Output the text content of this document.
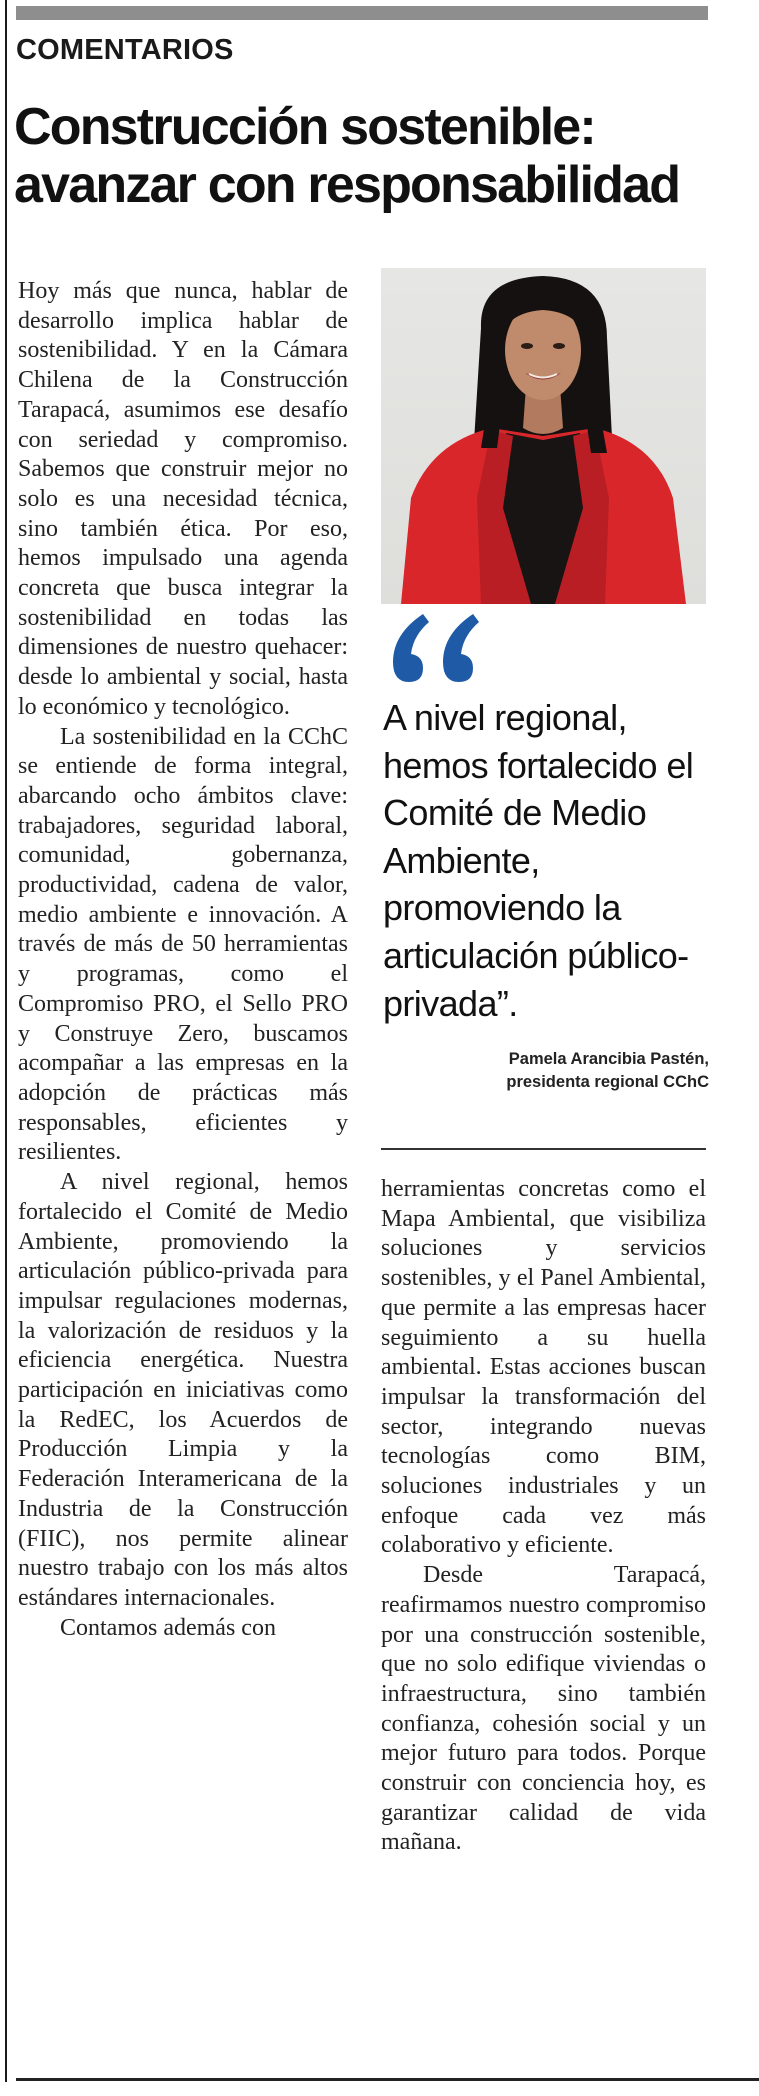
COMENTARIOS
Construcción sostenible: avanzar con responsabilidad

Hoy más que nunca, hablar de desarrollo implica hablar de sostenibilidad. Y en la Cámara Chilena de la Construcción Tarapacá, asumimos ese desafío con seriedad y compromiso. Sabemos que construir mejor no solo es una necesidad técnica, sino también ética. Por eso, hemos impulsado una agenda concreta que busca integrar la sostenibilidad en todas las dimensiones de nuestro quehacer: desde lo ambiental y social, hasta lo económico y tecnológico.

La sostenibilidad en la CChC se entiende de forma integral, abarcando ocho ámbitos clave: trabajadores, seguridad laboral, comunidad, gobernanza, productividad, cadena de valor, medio ambiente e innovación. A través de más de 50 herramientas y programas, como el Compromiso PRO, el Sello PRO y Construye Zero, buscamos acompañar a las empresas en la adopción de prácticas más responsables, eficientes y resilientes.

A nivel regional, hemos fortalecido el Comité de Medio Ambiente, promoviendo la articulación público-privada para impulsar regulaciones modernas, la valorización de residuos y la eficiencia energética. Nuestra participación en iniciativas como la RedEC, los Acuerdos de Producción Limpia y la Federación Interamericana de la Industria de la Construcción (FIIC), nos permite alinear nuestro trabajo con los más altos estándares internacionales.

Contamos además con

A nivel regional, hemos fortalecido el Comité de Medio Ambiente, promoviendo la articulación público-privada”.

Pamela Arancibia Pastén,
presidenta regional CChC

herramientas concretas como el Mapa Ambiental, que visibiliza soluciones y servicios sostenibles, y el Panel Ambiental, que permite a las empresas hacer seguimiento a su huella ambiental. Estas acciones buscan impulsar la transformación del sector, integrando nuevas tecnologías como BIM, soluciones industriales y un enfoque cada vez más colaborativo y eficiente.

Desde Tarapacá, reafirmamos nuestro compromiso por una construcción sostenible, que no solo edifique viviendas o infraestructura, sino también confianza, cohesión social y un mejor futuro para todos. Porque construir con conciencia hoy, es garantizar calidad de vida mañana.
